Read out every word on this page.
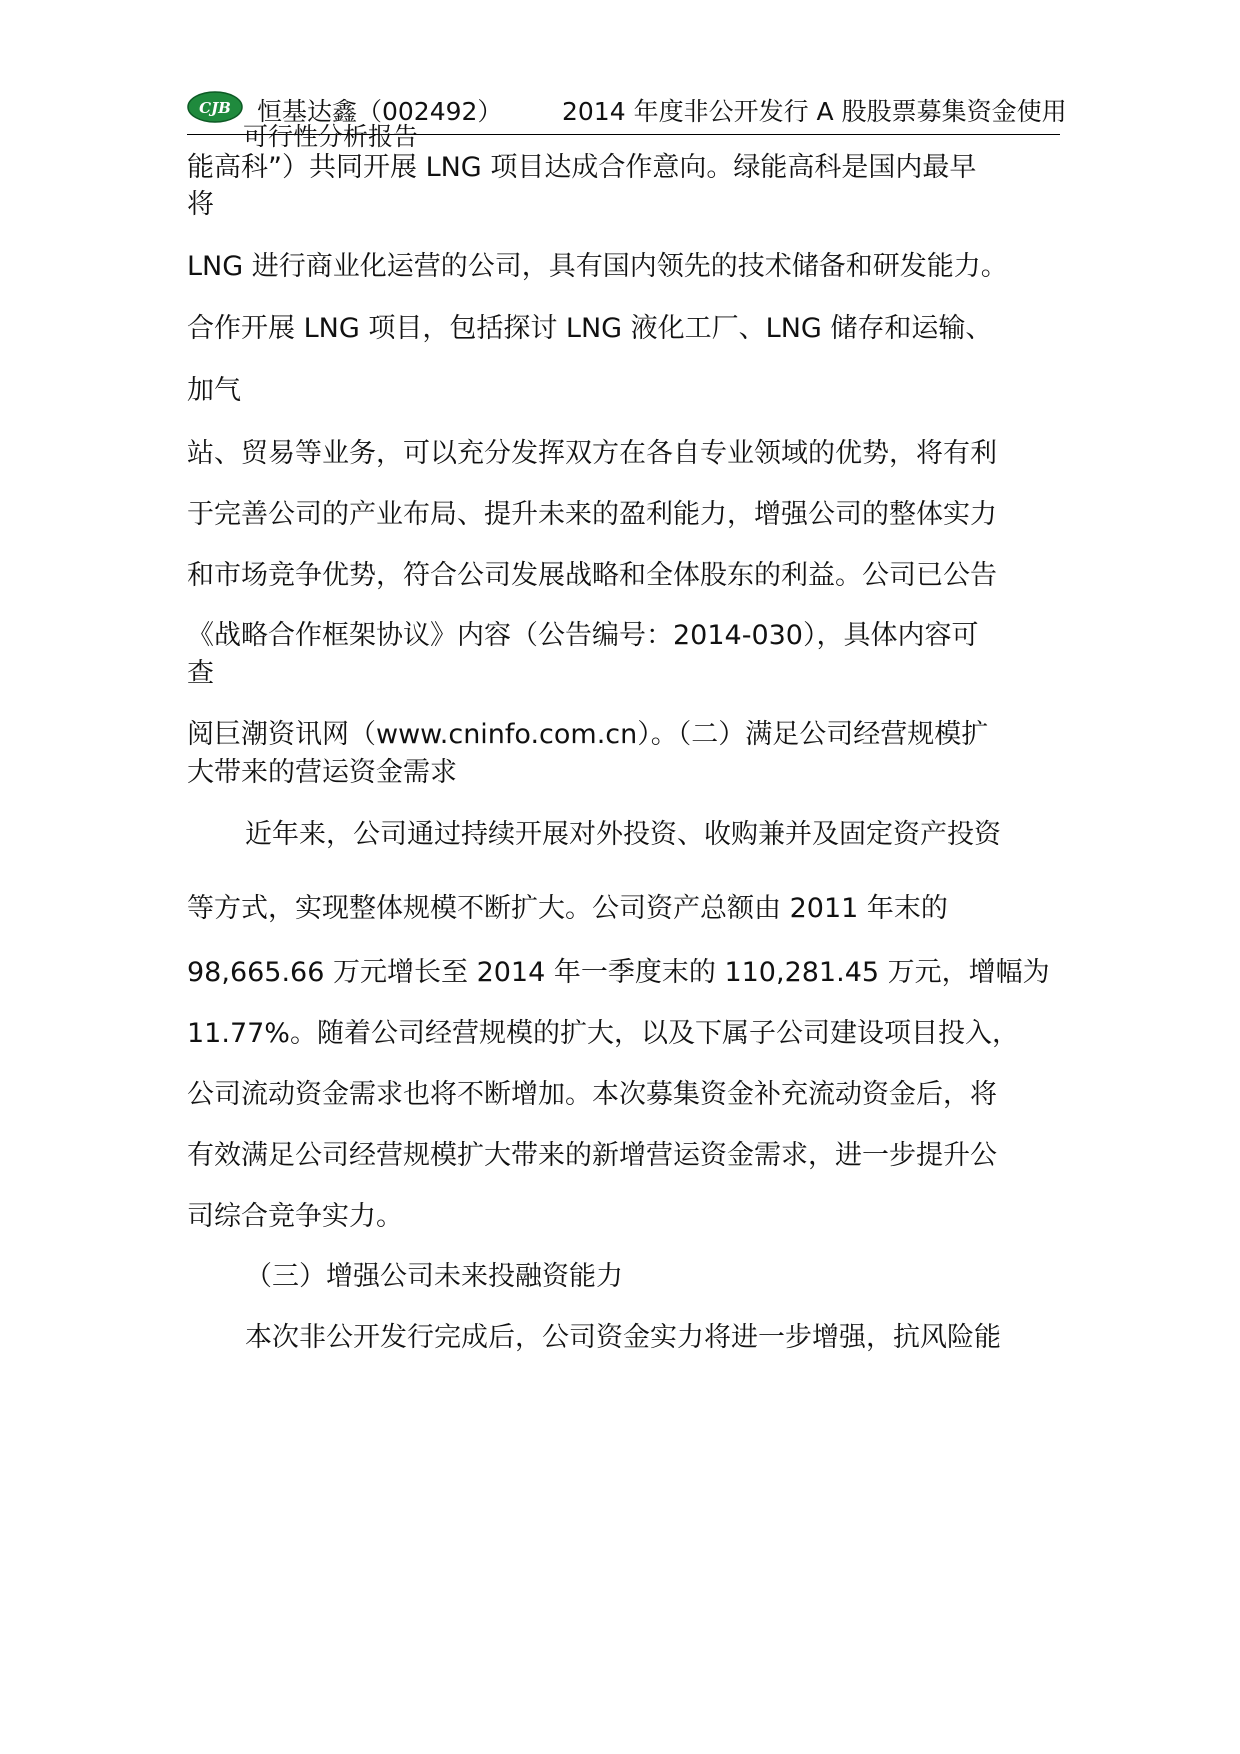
CJB 恒基达鑫（002492） 2014 年度非公开发行 A 股股票募集资金使用
可行性分析报告
能高科”）共同开展 LNG 项目达成合作意向。绿能高科是国内最早
将
LNG 进行商业化运营的公司，具有国内领先的技术储备和研发能力。
合作开展 LNG 项目，包括探讨 LNG 液化工厂、LNG 储存和运输、
加气
站、贸易等业务，可以充分发挥双方在各自专业领域的优势，将有利
于完善公司的产业布局、提升未来的盈利能力，增强公司的整体实力
和市场竞争优势，符合公司发展战略和全体股东的利益。公司已公告
《战略合作框架协议》内容（公告编号：2014-030），具体内容可
查
阅巨潮资讯网（www.cninfo.com.cn）。（二）满足公司经营规模扩
大带来的营运资金需求
近年来，公司通过持续开展对外投资、收购兼并及固定资产投资
等方式，实现整体规模不断扩大。公司资产总额由 2011 年末的
98,665.66 万元增长至 2014 年一季度末的 110,281.45 万元，增幅为
11.77%。随着公司经营规模的扩大，以及下属子公司建设项目投入，
公司流动资金需求也将不断增加。本次募集资金补充流动资金后，将
有效满足公司经营规模扩大带来的新增营运资金需求，进一步提升公
司综合竞争实力。
（三）增强公司未来投融资能力
本次非公开发行完成后，公司资金实力将进一步增强，抗风险能
